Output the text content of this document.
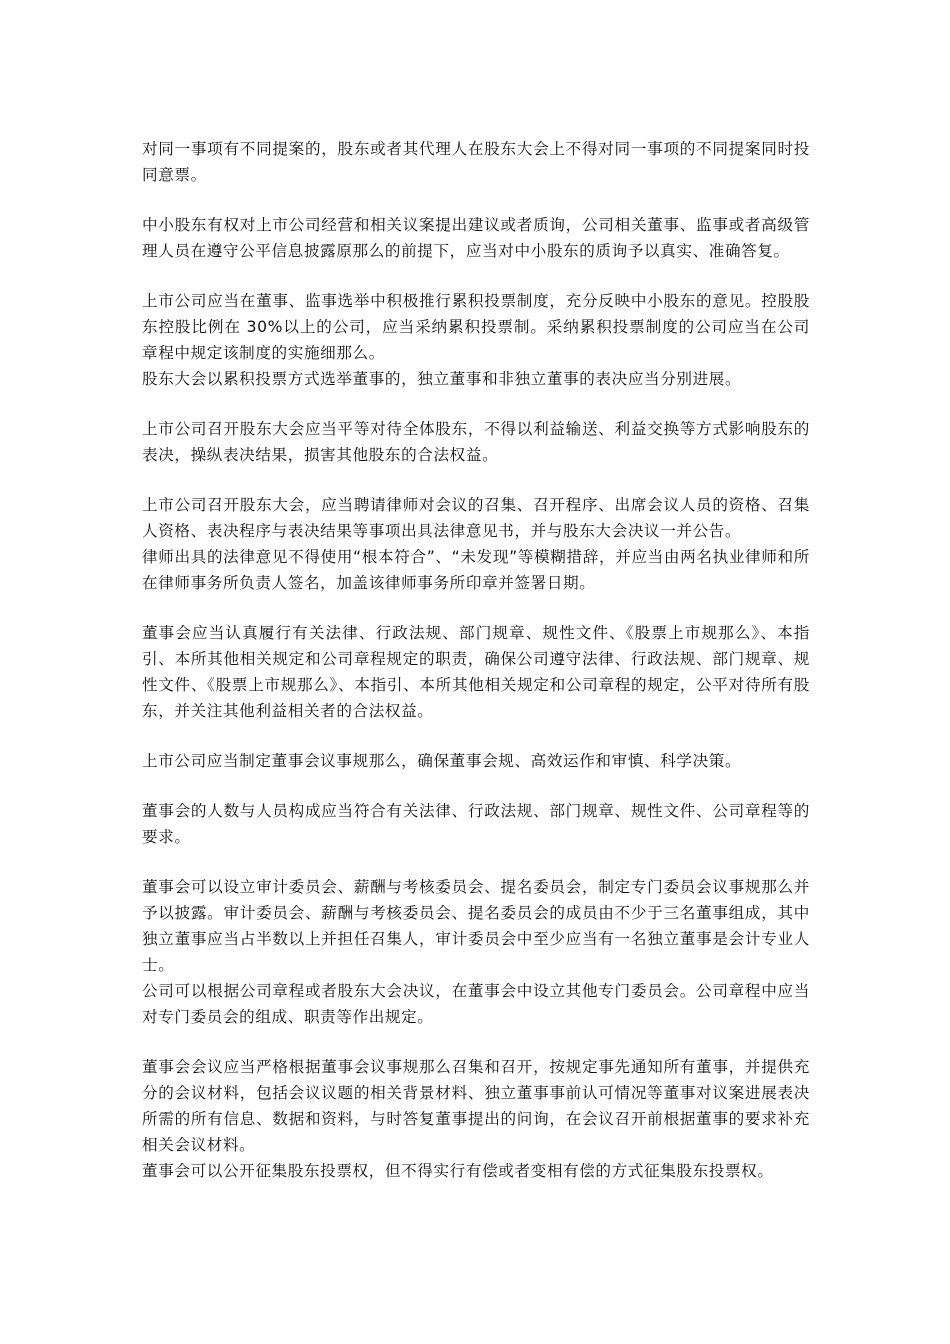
对同一事项有不同提案的，股东或者其代理人在股东大会上不得对同一事项的不同提案同时投同意票。

中小股东有权对上市公司经营和相关议案提出建议或者质询，公司相关董事、监事或者高级管理人员在遵守公平信息披露原那么的前提下，应当对中小股东的质询予以真实、准确答复。

上市公司应当在董事、监事选举中积极推行累积投票制度，充分反映中小股东的意见。控股股东控股比例在 30%以上的公司，应当采纳累积投票制。采纳累积投票制度的公司应当在公司章程中规定该制度的实施细那么。

股东大会以累积投票方式选举董事的，独立董事和非独立董事的表决应当分别进展。

上市公司召开股东大会应当平等对待全体股东，不得以利益输送、利益交换等方式影响股东的表决，操纵表决结果，损害其他股东的合法权益。

上市公司召开股东大会，应当聘请律师对会议的召集、召开程序、出席会议人员的资格、召集人资格、表决程序与表决结果等事项出具法律意见书，并与股东大会决议一并公告。

律师出具的法律意见不得使用“根本符合”、“未发现”等模糊措辞，并应当由两名执业律师和所在律师事务所负责人签名，加盖该律师事务所印章并签署日期。

董事会应当认真履行有关法律、行政法规、部门规章、规性文件、《股票上市规那么》、本指引、本所其他相关规定和公司章程规定的职责，确保公司遵守法律、行政法规、部门规章、规性文件、《股票上市规那么》、本指引、本所其他相关规定和公司章程的规定，公平对待所有股东，并关注其他利益相关者的合法权益。

上市公司应当制定董事会议事规那么，确保董事会规、高效运作和审慎、科学决策。

董事会的人数与人员构成应当符合有关法律、行政法规、部门规章、规性文件、公司章程等的要求。

董事会可以设立审计委员会、薪酬与考核委员会、提名委员会，制定专门委员会议事规那么并予以披露。审计委员会、薪酬与考核委员会、提名委员会的成员由不少于三名董事组成，其中独立董事应当占半数以上并担任召集人，审计委员会中至少应当有一名独立董事是会计专业人士。

公司可以根据公司章程或者股东大会决议，在董事会中设立其他专门委员会。公司章程中应当对专门委员会的组成、职责等作出规定。

董事会会议应当严格根据董事会议事规那么召集和召开，按规定事先通知所有董事，并提供充分的会议材料，包括会议议题的相关背景材料、独立董事事前认可情况等董事对议案进展表决所需的所有信息、数据和资料，与时答复董事提出的问询，在会议召开前根据董事的要求补充相关会议材料。

董事会可以公开征集股东投票权，但不得实行有偿或者变相有偿的方式征集股东投票权。
